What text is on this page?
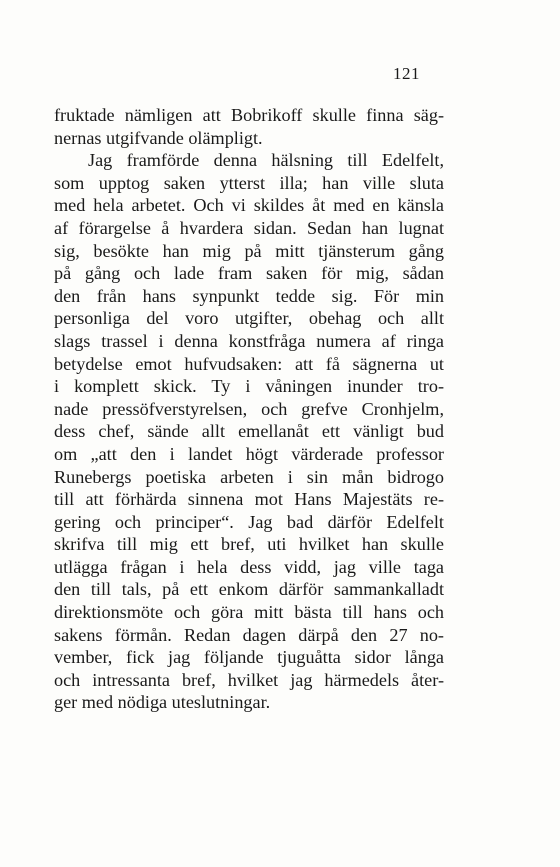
121
fruktade nämligen att Bobrikoff skulle finna säg-
nernas utgifvande olämpligt.
Jag framförde denna hälsning till Edelfelt,
som upptog saken ytterst illa; han ville sluta
med hela arbetet. Och vi skildes åt med en känsla
af förargelse å hvardera sidan. Sedan han lugnat
sig, besökte han mig på mitt tjänsterum gång
på gång och lade fram saken för mig, sådan
den från hans synpunkt tedde sig. För min
personliga del voro utgifter, obehag och allt
slags trassel i denna konstfråga numera af ringa
betydelse emot hufvudsaken: att få sägnerna ut
i komplett skick. Ty i våningen inunder tro-
nade pressöfverstyrelsen, och grefve Cronhjelm,
dess chef, sände allt emellanåt ett vänligt bud
om „att den i landet högt värderade professor
Runebergs poetiska arbeten i sin mån bidrogo
till att förhärda sinnena mot Hans Majestäts re-
gering och principer“. Jag bad därför Edelfelt
skrifva till mig ett bref, uti hvilket han skulle
utlägga frågan i hela dess vidd, jag ville taga
den till tals, på ett enkom därför sammankalladt
direktionsmöte och göra mitt bästa till hans och
sakens förmån. Redan dagen därpå den 27 no-
vember, fick jag följande tjuguåtta sidor långa
och intressanta bref, hvilket jag härmedels åter-
ger med nödiga uteslutningar.
